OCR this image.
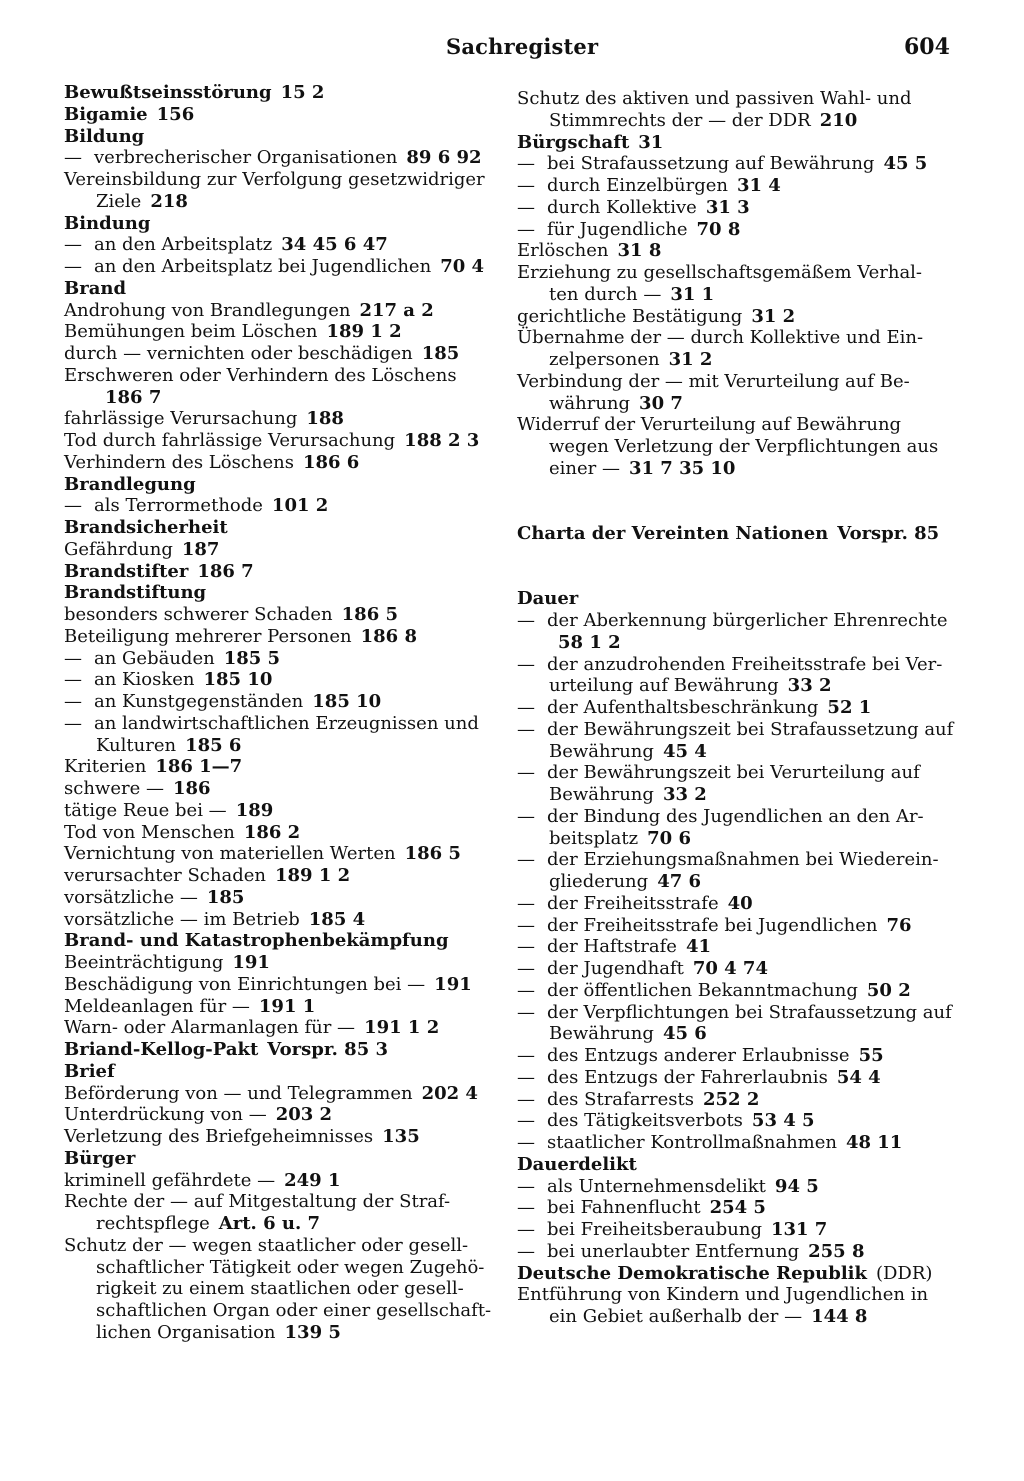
Sachregister	604
Bewußtseinsstörung 15 2
Bigamie 156
Bildung
— verbrecherischer Organisationen 89 6 92
Vereinsbildung zur Verfolgung gesetzwidriger
Ziele 218
Bindung
— an den Arbeitsplatz 34 45 6 47
— an den Arbeitsplatz bei Jugendlichen 70 4
Brand
Androhung von Brandlegungen 217 a 2
Bemühungen beim Löschen 189 1 2
durch — vernichten oder beschädigen 185
Erschweren oder Verhindern des Löschens
186 7
fahrlässige Verursachung 188
Tod durch fahrlässige Verursachung 188 2 3
Verhindern des Löschens 186 6
Brandlegung
— als Terrormethode 101 2
Brandsicherheit
Gefährdung 187
Brandstifter 186 7
Brandstiftung
besonders schwerer Schaden 186 5
Beteiligung mehrerer Personen 186 8
— an Gebäuden 185 5
— an Kiosken 185 10
— an Kunstgegenständen 185 10
— an landwirtschaftlichen Erzeugnissen und
Kulturen 185 6
Kriterien 186 1—7
schwere — 186
tätige Reue bei — 189
Tod von Menschen 186 2
Vernichtung von materiellen Werten 186 5
verursachter Schaden 189 1 2
vorsätzliche — 185
vorsätzliche — im Betrieb 185 4
Brand- und Katastrophenbekämpfung
Beeinträchtigung 191
Beschädigung von Einrichtungen bei — 191
Meldeanlagen für — 191 1
Warn- oder Alarmanlagen für — 191 1 2
Briand-Kellog-Pakt Vorspr. 85 3
Brief
Beförderung von — und Telegrammen 202 4
Unterdrückung von — 203 2
Verletzung des Briefgeheimnisses 135
Bürger
kriminell gefährdete — 249 1
Rechte der — auf Mitgestaltung der Straf-
rechtspflege Art. 6 u. 7
Schutz der — wegen staatlicher oder gesell-
schaftlicher Tätigkeit oder wegen Zugehö-
rigkeit zu einem staatlichen oder gesell-
schaftlichen Organ oder einer gesellschaft-
lichen Organisation 139 5
Schutz des aktiven und passiven Wahl- und
Stimmrechts der — der DDR 210
Bürgschaft 31
— bei Strafaussetzung auf Bewährung 45 5
— durch Einzelbürgen 31 4
— durch Kollektive 31 3
— für Jugendliche 70 8
Erlöschen 31 8
Erziehung zu gesellschaftsgemäßem Verhal-
ten durch — 31 1
gerichtliche Bestätigung 31 2
Übernahme der — durch Kollektive und Ein-
zelpersonen 31 2
Verbindung der — mit Verurteilung auf Be-
währung 30 7
Widerruf der Verurteilung auf Bewährung
wegen Verletzung der Verpflichtungen aus
einer — 31 7 35 10
Charta der Vereinten Nationen Vorspr. 85
Dauer
— der Aberkennung bürgerlicher Ehrenrechte
58 1 2
— der anzudrohenden Freiheitsstrafe bei Ver-
urteilung auf Bewährung 33 2
— der Aufenthaltsbeschränkung 52 1
— der Bewährungszeit bei Strafaussetzung auf
Bewährung 45 4
— der Bewährungszeit bei Verurteilung auf
Bewährung 33 2
— der Bindung des Jugendlichen an den Ar-
beitsplatz 70 6
— der Erziehungsmaßnahmen bei Wiederein-
gliederung 47 6
— der Freiheitsstrafe 40
— der Freiheitsstrafe bei Jugendlichen 76
— der Haftstrafe 41
— der Jugendhaft 70 4 74
— der öffentlichen Bekanntmachung 50 2
— der Verpflichtungen bei Strafaussetzung auf
Bewährung 45 6
— des Entzugs anderer Erlaubnisse 55
— des Entzugs der Fahrerlaubnis 54 4
— des Strafarrests 252 2
— des Tätigkeitsverbots 53 4 5
— staatlicher Kontrollmaßnahmen 48 11
Dauerdelikt
— als Unternehmensdelikt 94 5
— bei Fahnenflucht 254 5
— bei Freiheitsberaubung 131 7
— bei unerlaubter Entfernung 255 8
Deutsche Demokratische Republik (DDR)
Entführung von Kindern und Jugendlichen in
ein Gebiet außerhalb der — 144 8
